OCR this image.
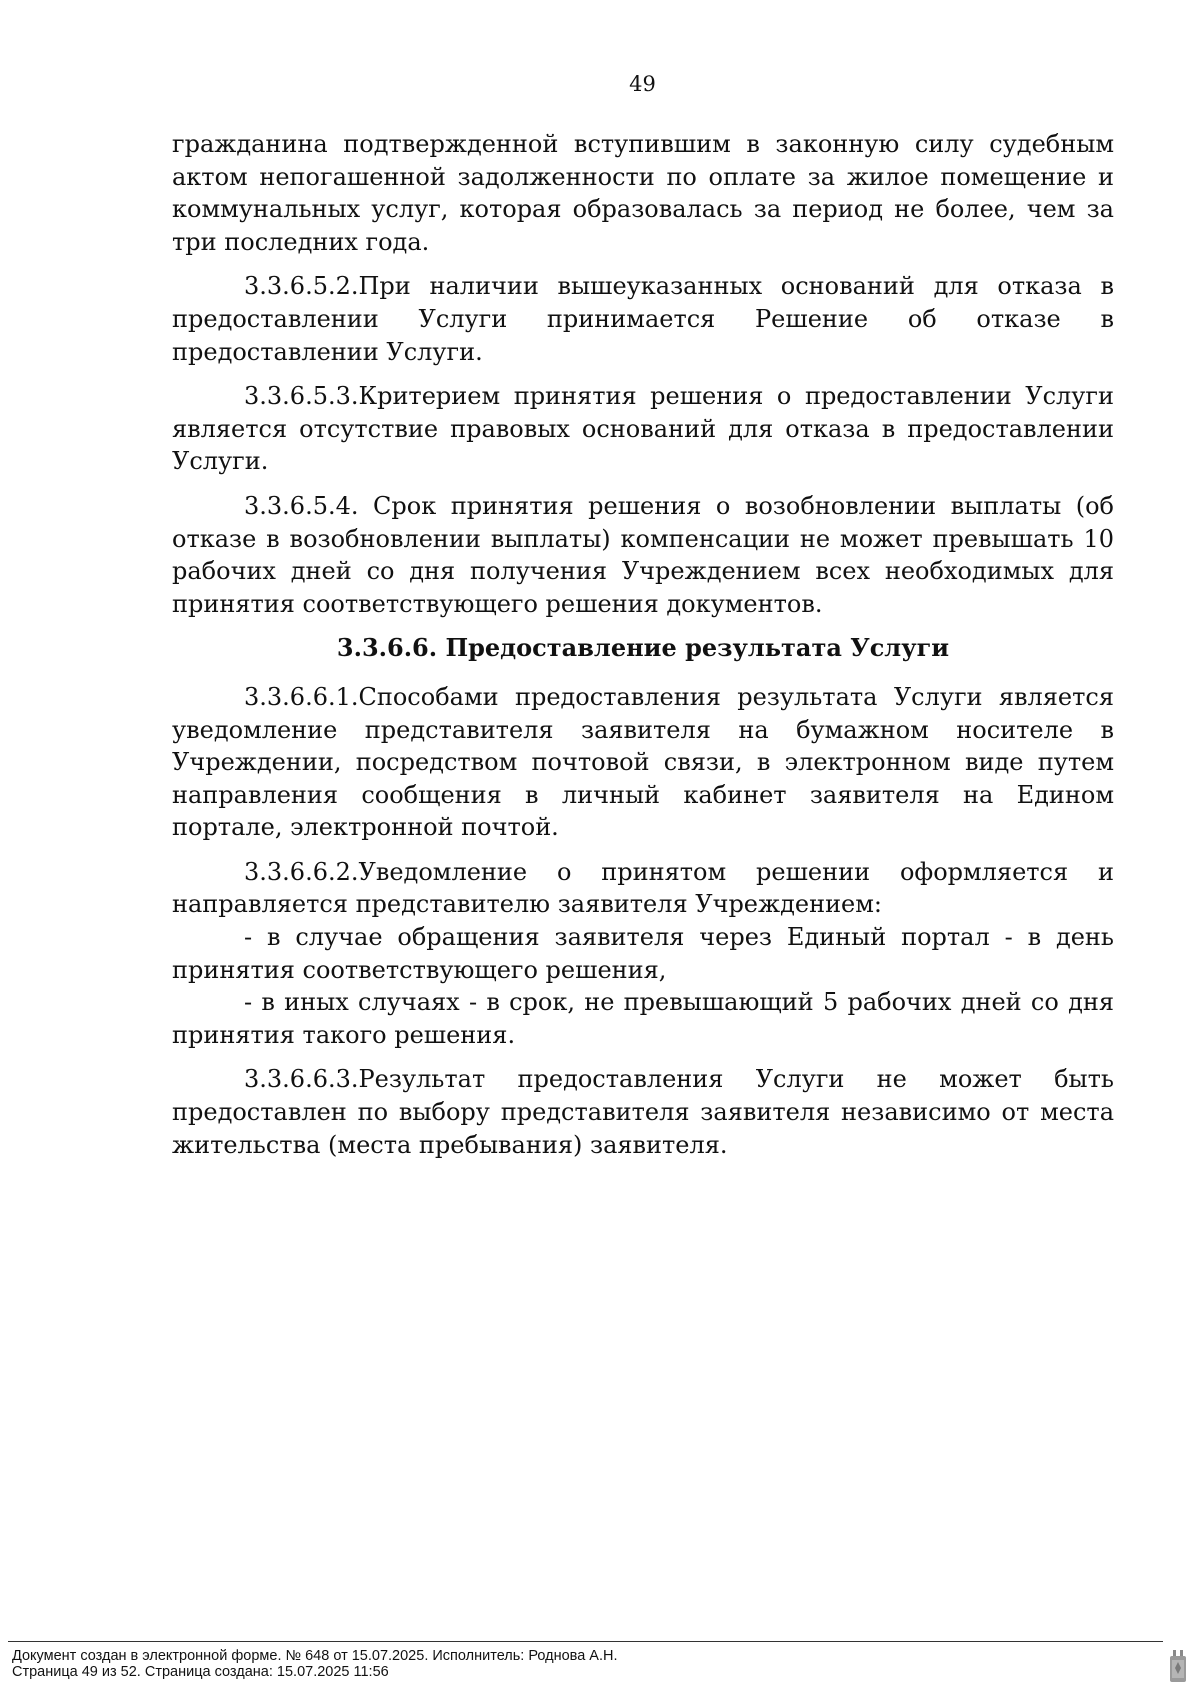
49

гражданина подтвержденной вступившим в законную силу судебным актом непогашенной задолженности по оплате за жилое помещение и коммунальных услуг, которая образовалась за период не более, чем за три последних года.

3.3.6.5.2.При наличии вышеуказанных оснований для отказа в предоставлении Услуги принимается Решение об отказе в предоставлении Услуги.

3.3.6.5.3.Критерием принятия решения о предоставлении Услуги является отсутствие правовых оснований для отказа в предоставлении Услуги.

3.3.6.5.4. Срок принятия решения о возобновлении выплаты (об отказе в возобновлении выплаты) компенсации не может превышать 10 рабочих дней со дня получения Учреждением всех необходимых для принятия соответствующего решения документов.

3.3.6.6. Предоставление результата Услуги

3.3.6.6.1.Способами предоставления результата Услуги является уведомление представителя заявителя на бумажном носителе в Учреждении, посредством почтовой связи, в электронном виде путем направления сообщения в личный кабинет заявителя на Едином портале, электронной почтой.

3.3.6.6.2.Уведомление о принятом решении оформляется и направляется представителю заявителя Учреждением:

- в случае обращения заявителя через Единый портал - в день принятия соответствующего решения,

- в иных случаях - в срок, не превышающий 5 рабочих дней со дня принятия такого решения.

3.3.6.6.3.Результат предоставления Услуги не может быть предоставлен по выбору представителя заявителя независимо от места жительства (места пребывания) заявителя.

Документ создан в электронной форме. № 648 от 15.07.2025. Исполнитель: Роднова А.Н.
Страница 49 из 52. Страница создана: 15.07.2025 11:56
